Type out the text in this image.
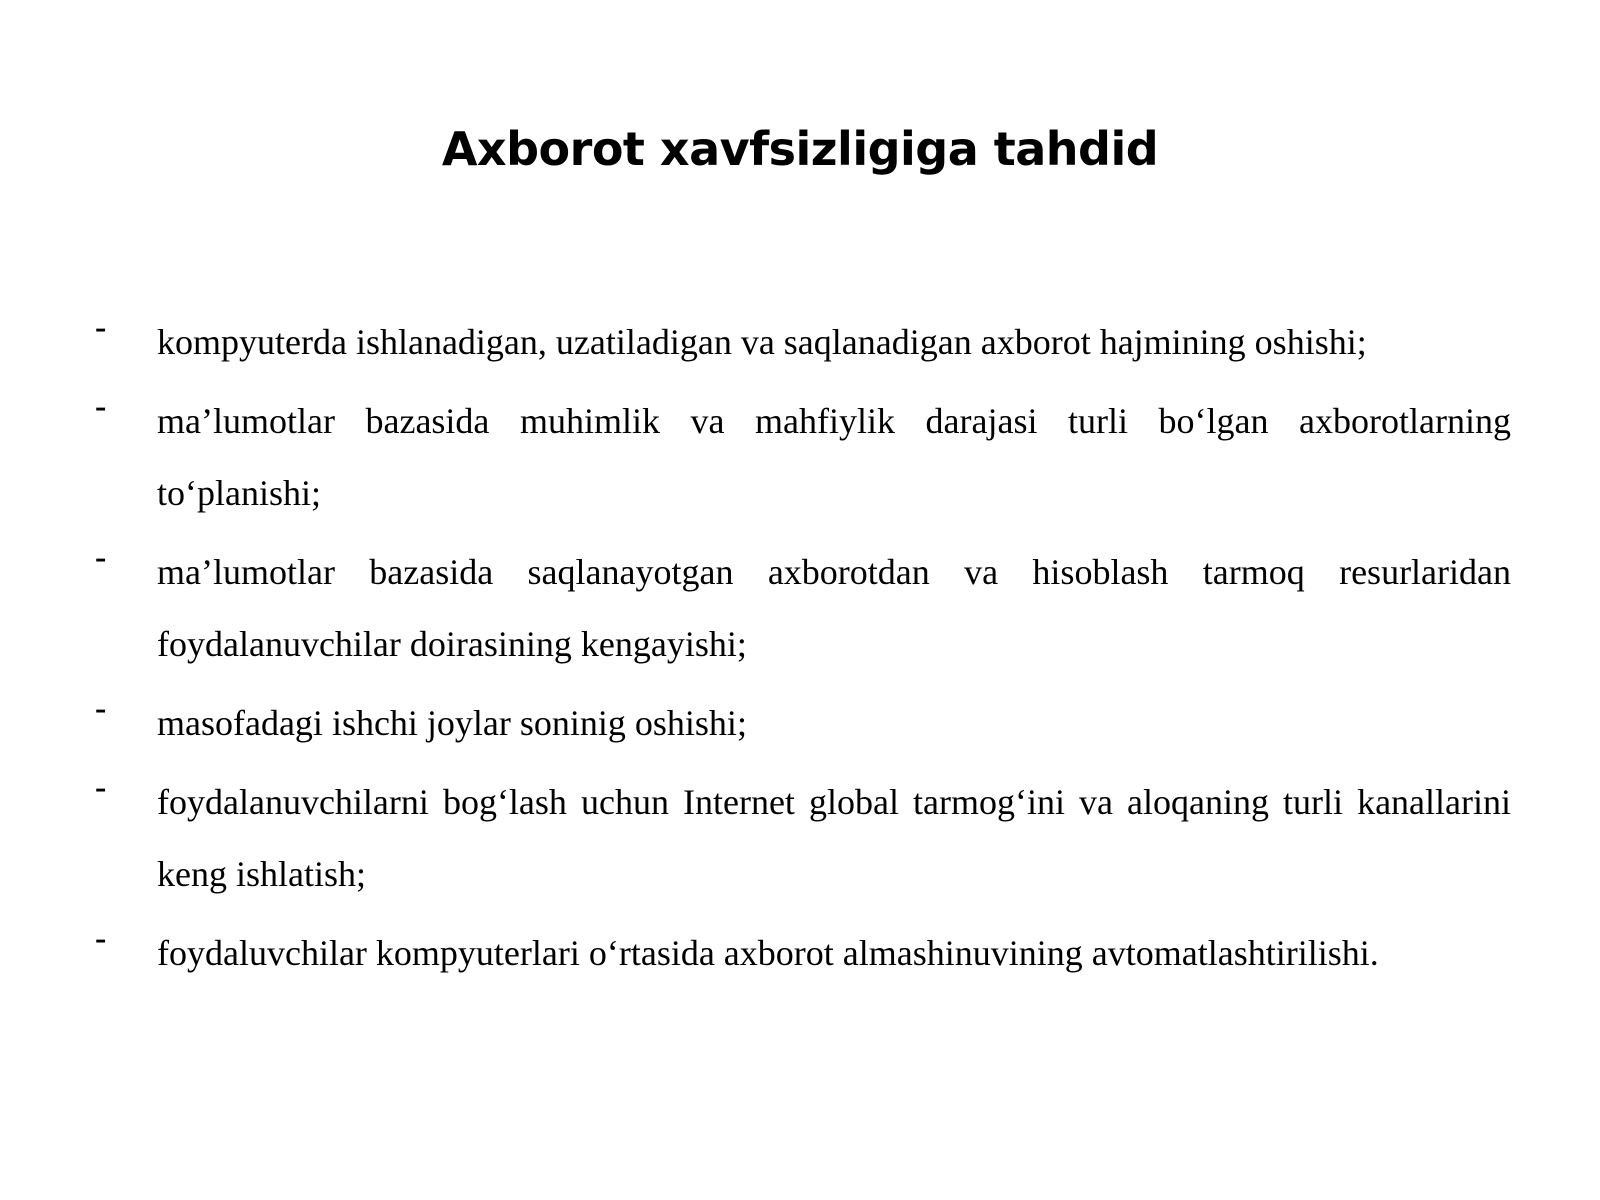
Axborot xavfsizligiga tahdid
- kompyuterda ishlanadigan, uzatiladigan va saqlanadigan axborot hajmining oshishi;
- ma’lumotlar bazasida muhimlik va mahfiylik darajasi turli bo‘lgan axborotlarning to‘planishi;
- ma’lumotlar bazasida saqlanayotgan axborotdan va hisoblash tarmoq resurlaridan foydalanuvchilar doirasining kengayishi;
- masofadagi ishchi joylar soninig oshishi;
- foydalanuvchilarni bog‘lash uchun Internet global tarmog‘ini va aloqaning turli kanallarini keng ishlatish;
- foydaluvchilar kompyuterlari o‘rtasida axborot almashinuvining avtomatlashtirilishi.
